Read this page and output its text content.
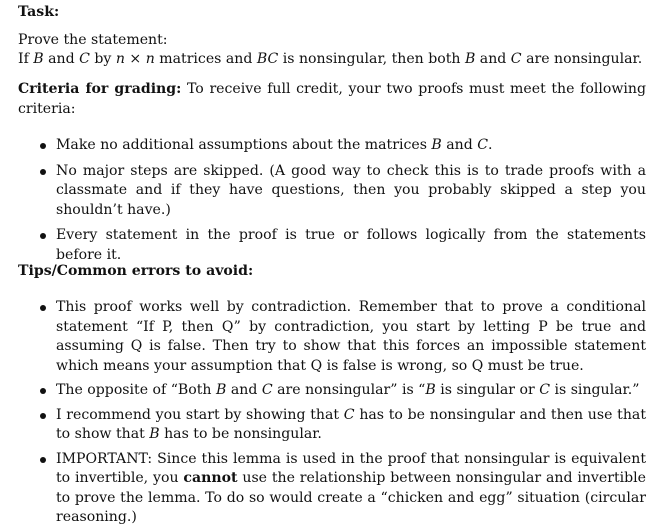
Task:
Prove the statement:
If B and C by n × n matrices and BC is nonsingular, then both B and C are nonsingular.
Criteria for grading: To receive full credit, your two proofs must meet the following criteria:
Make no additional assumptions about the matrices B and C.
No major steps are skipped. (A good way to check this is to trade proofs with a classmate and if they have questions, then you probably skipped a step you shouldn’t have.)
Every statement in the proof is true or follows logically from the statements before it.
Tips/Common errors to avoid:
This proof works well by contradiction. Remember that to prove a conditional statement “If P, then Q” by contradiction, you start by letting P be true and assuming Q is false. Then try to show that this forces an impossible statement which means your assumption that Q is false is wrong, so Q must be true.
The opposite of “Both B and C are nonsingular” is “B is singular or C is singular.”
I recommend you start by showing that C has to be nonsingular and then use that to show that B has to be nonsingular.
IMPORTANT: Since this lemma is used in the proof that nonsingular is equivalent to invertible, you cannot use the relationship between nonsingular and invertible to prove the lemma. To do so would create a “chicken and egg” situation (circular reasoning.)
